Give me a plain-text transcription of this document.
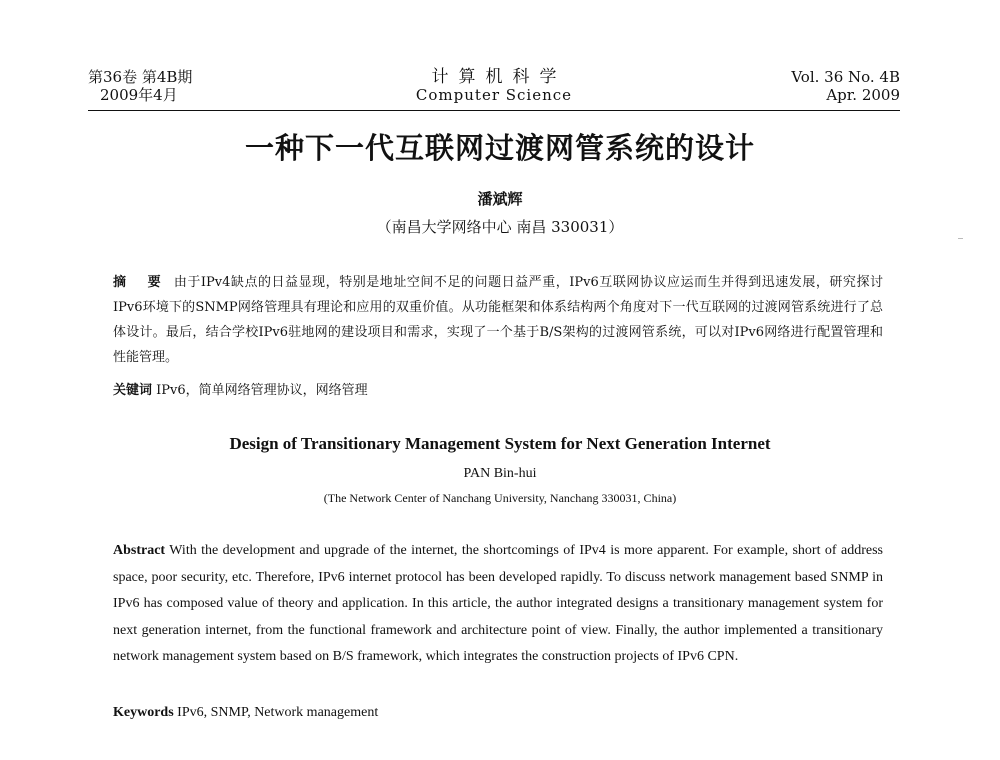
第36卷 第4B期
2009年4月
计算机科学
Computer Science
Vol. 36 No. 4B
Apr. 2009
一种下一代互联网过渡网管系统的设计
潘斌辉
（南昌大学网络中心 南昌 330031）
摘 要 由于IPv4缺点的日益显现，特别是地址空间不足的问题日益严重，IPv6互联网协议应运而生并得到迅速发展，研究探讨IPv6环境下的SNMP网络管理具有理论和应用的双重价值。从功能框架和体系结构两个角度对下一代互联网的过渡网管系统进行了总体设计。最后，结合学校IPv6驻地网的建设项目和需求，实现了一个基于B/S架构的过渡网管系统，可以对IPv6网络进行配置管理和性能管理。
关键词 IPv6，简单网络管理协议，网络管理
Design of Transitionary Management System for Next Generation Internet
PAN Bin-hui
(The Network Center of Nanchang University, Nanchang 330031, China)
Abstract With the development and upgrade of the internet, the shortcomings of IPv4 is more apparent. For example, short of address space, poor security, etc. Therefore, IPv6 internet protocol has been developed rapidly. To discuss network management based SNMP in IPv6 has composed value of theory and application. In this article, the author integrated designs a transitionary management system for next generation internet, from the functional framework and architecture point of view. Finally, the author implemented a transitionary network management system based on B/S framework, which integrates the construction projects of IPv6 CPN.
Keywords IPv6, SNMP, Network management
